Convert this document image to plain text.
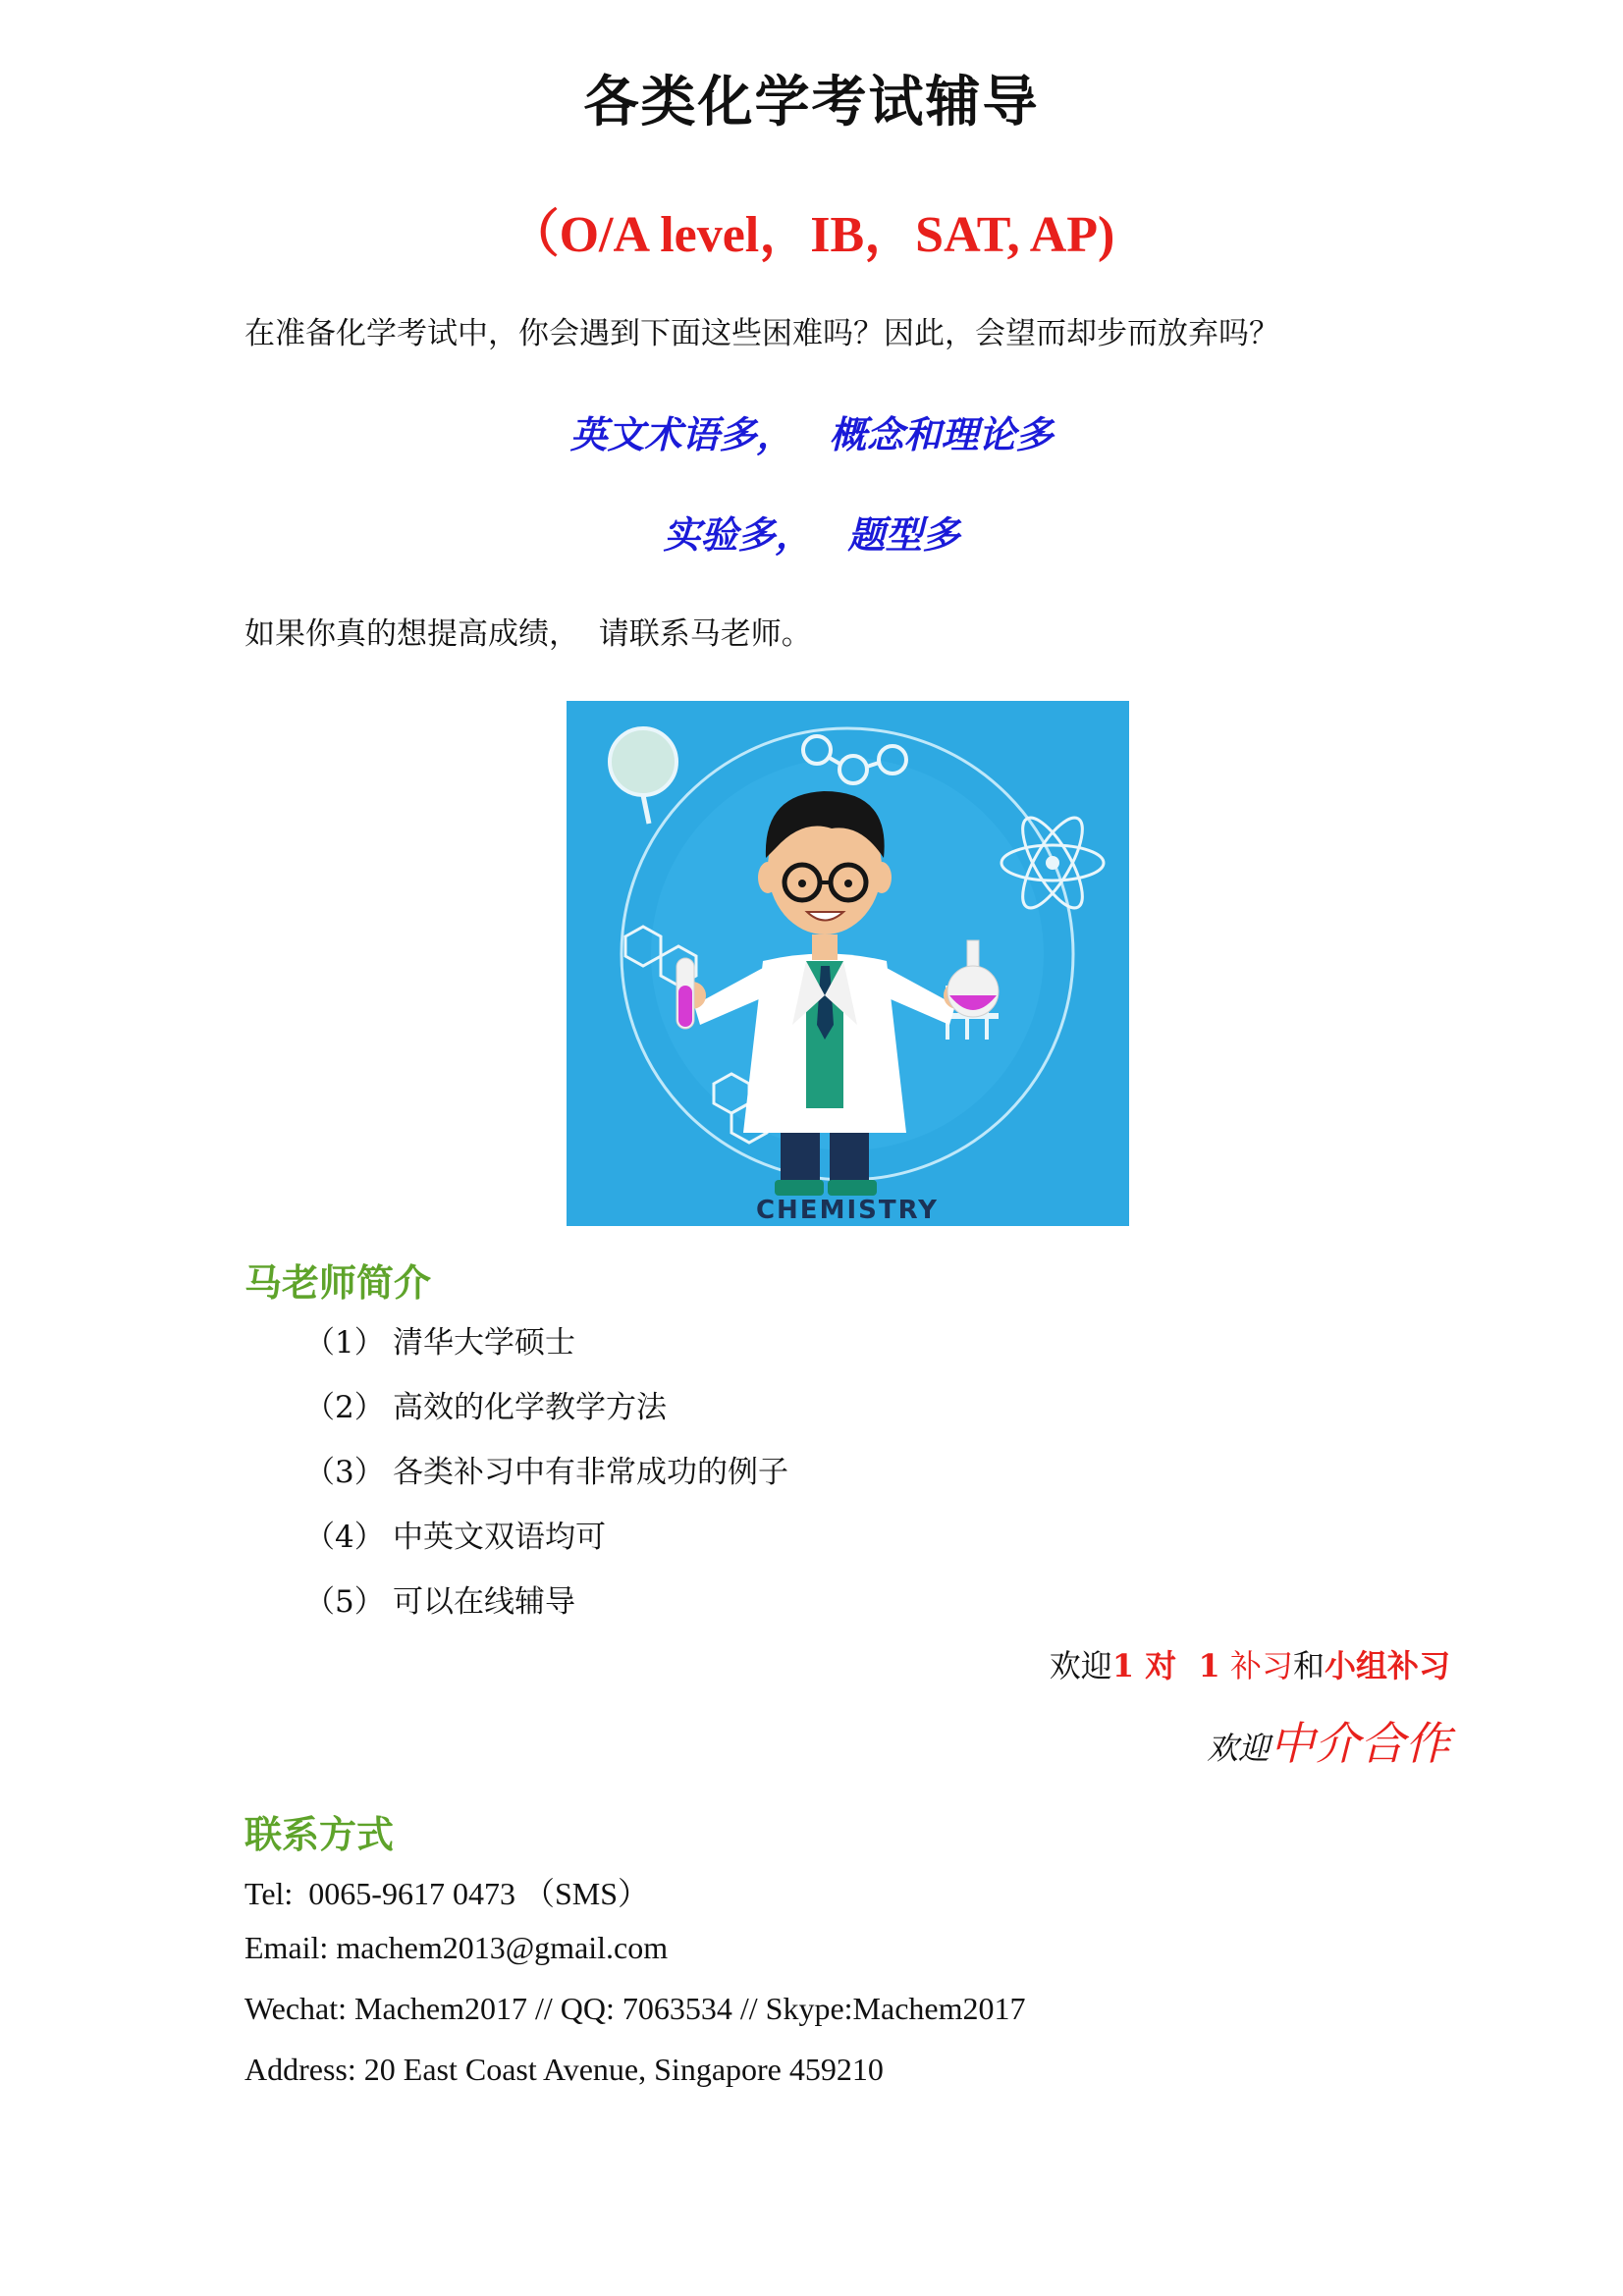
各类化学考试辅导
（O/A level，IB，SAT, AP)
在准备化学考试中，你会遇到下面这些困难吗？因此，会望而却步而放弃吗？
英文术语多， 概念和理论多
实验多， 题型多
如果你真的想提高成绩，  请联系马老师。
CHEMISTRY
马老师简介
（1） 清华大学硕士
（2） 高效的化学教学方法
（3） 各类补习中有非常成功的例子
（4） 中英文双语均可
（5） 可以在线辅导
欢迎1 对  1 补习和小组补习
欢迎中介合作
联系方式
Tel:  0065-9617 0473 （SMS）
Email: machem2013@gmail.com
Wechat: Machem2017 // QQ: 7063534 // Skype:Machem2017
Address: 20 East Coast Avenue, Singapore 459210
